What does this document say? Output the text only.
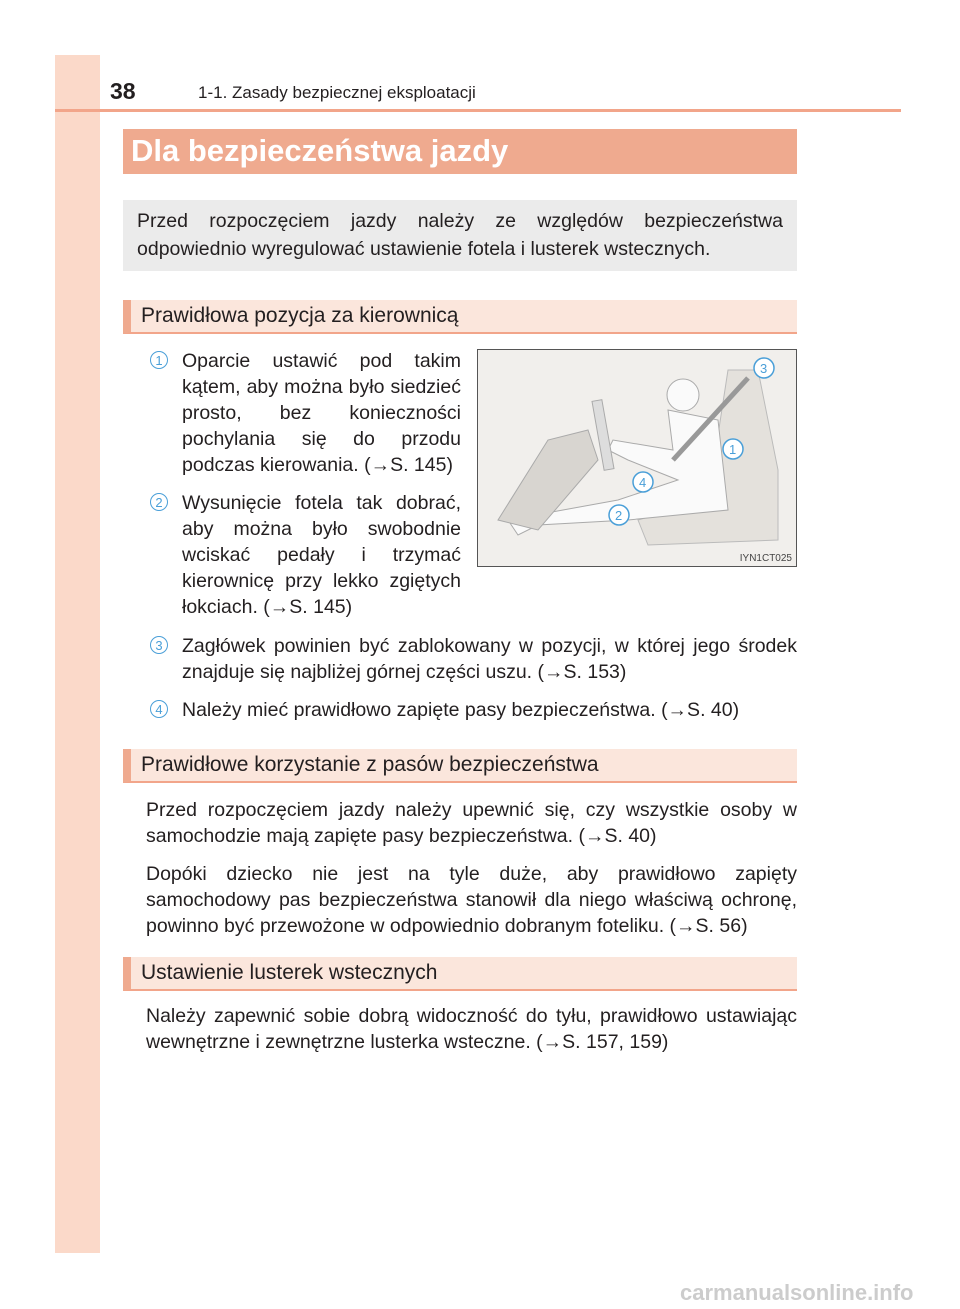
38	1-1. Zasady bezpiecznej eksploatacji
Dla bezpieczeństwa jazdy
Przed rozpoczęciem jazdy należy ze względów bezpieczeństwa odpowiednio wyregulować ustawienie fotela i lusterek wstecznych.
Prawidłowa pozycja za kierownicą
1 Oparcie ustawić pod takim kątem, aby można było siedzieć prosto, bez konieczności pochylania się do przodu podczas kierowania. (→S. 145)
2 Wysunięcie fotela tak dobrać, aby można było swobodnie wciskać pedały i trzymać kierownicę przy lekko zgiętych łokciach. (→S. 145)
3 Zagłówek powinien być zablokowany w pozycji, w której jego środek znajduje się najbliżej górnej części uszu. (→S. 153)
4 Należy mieć prawidłowo zapięte pasy bezpieczeństwa. (→S. 40)
3
1
4
2
IYN1CT025
Prawidłowe korzystanie z pasów bezpieczeństwa
Przed rozpoczęciem jazdy należy upewnić się, czy wszystkie osoby w samochodzie mają zapięte pasy bezpieczeństwa. (→S. 40)
Dopóki dziecko nie jest na tyle duże, aby prawidłowo zapięty samochodowy pas bezpieczeństwa stanowił dla niego właściwą ochronę, powinno być przewożone w odpowiednio dobranym foteliku. (→S. 56)
Ustawienie lusterek wstecznych
Należy zapewnić sobie dobrą widoczność do tyłu, prawidłowo ustawiając wewnętrzne i zewnętrzne lusterka wsteczne. (→S. 157, 159)
carmanualsonline.info
